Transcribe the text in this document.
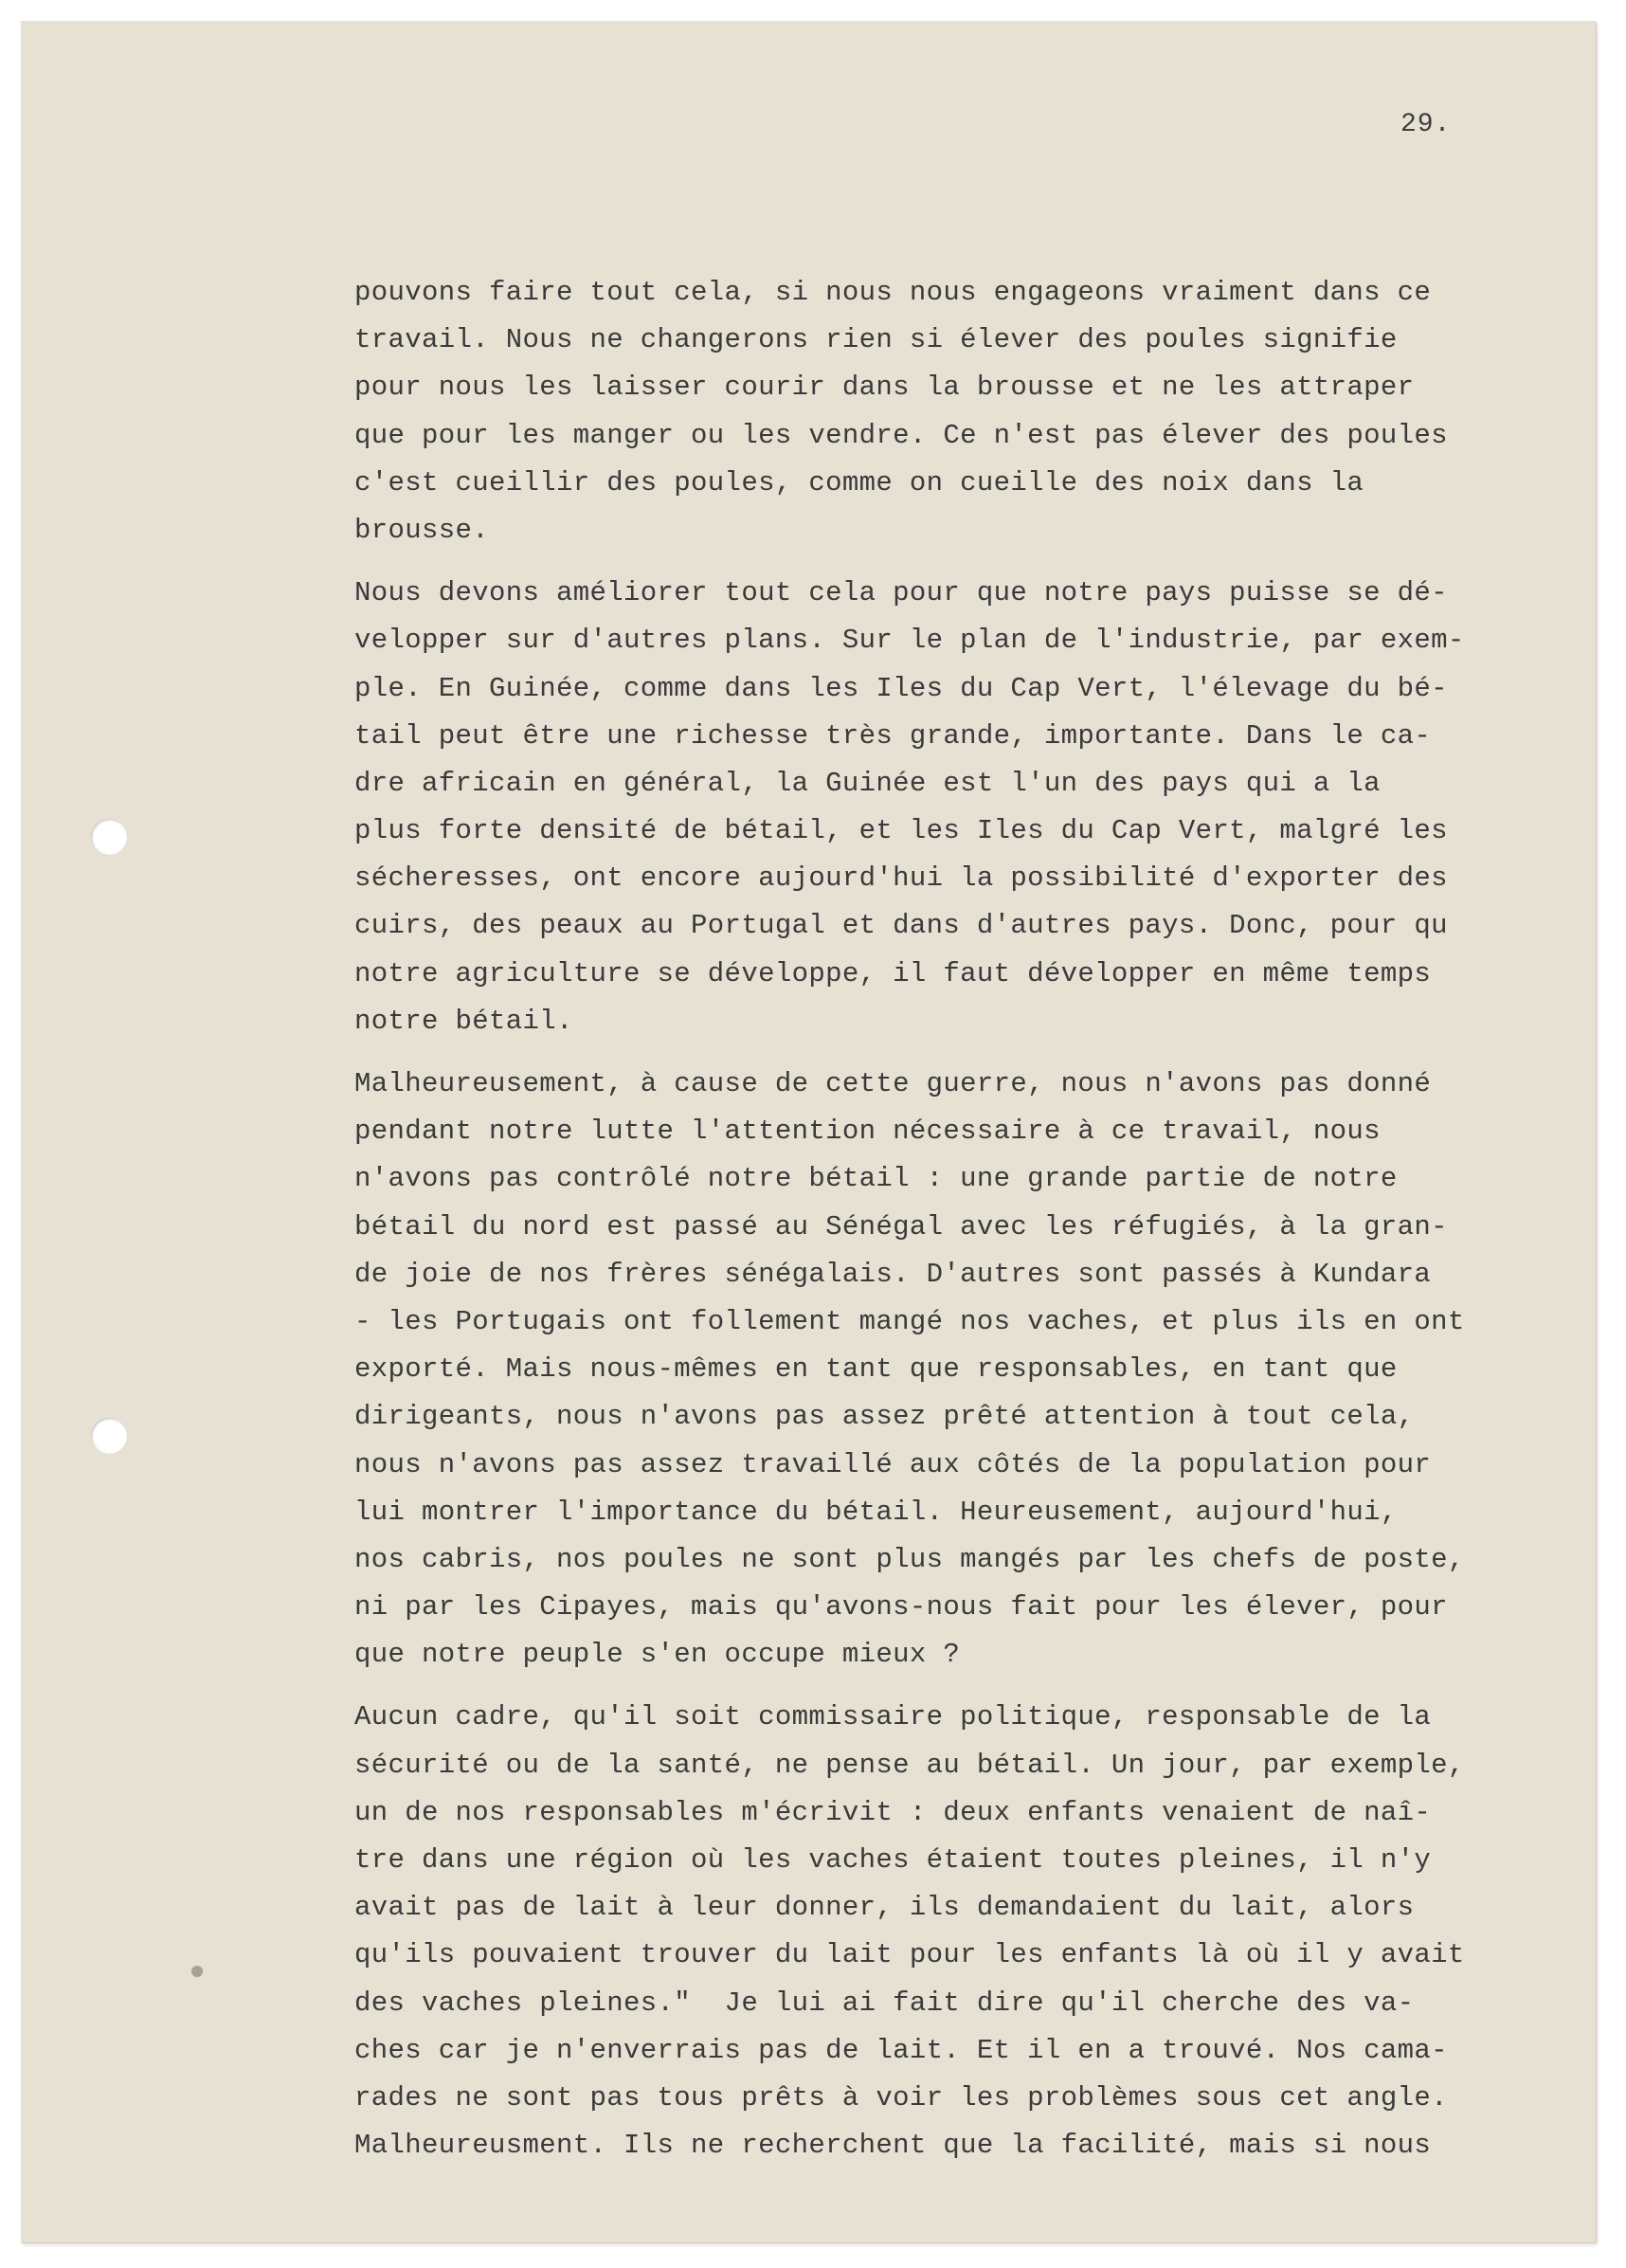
29.
pouvons faire tout cela, si nous nous engageons vraiment dans ce
travail. Nous ne changerons rien si élever des poules signifie
pour nous les laisser courir dans la brousse et ne les attraper
que pour les manger ou les vendre. Ce n'est pas élever des poules
c'est cueillir des poules, comme on cueille des noix dans la
brousse.
Nous devons améliorer tout cela pour que notre pays puisse se dé-
velopper sur d'autres plans. Sur le plan de l'industrie, par exem-
ple. En Guinée, comme dans les Iles du Cap Vert, l'élevage du bé-
tail peut être une richesse très grande, importante. Dans le ca-
dre africain en général, la Guinée est l'un des pays qui a la
plus forte densité de bétail, et les Iles du Cap Vert, malgré les
sécheresses, ont encore aujourd'hui la possibilité d'exporter des
cuirs, des peaux au Portugal et dans d'autres pays. Donc, pour qu
notre agriculture se développe, il faut développer en même temps
notre bétail.
Malheureusement, à cause de cette guerre, nous n'avons pas donné
pendant notre lutte l'attention nécessaire à ce travail, nous
n'avons pas contrôlé notre bétail : une grande partie de notre
bétail du nord est passé au Sénégal avec les réfugiés, à la gran-
de joie de nos frères sénégalais. D'autres sont passés à Kundara
- les Portugais ont follement mangé nos vaches, et plus ils en ont
exporté. Mais nous-mêmes en tant que responsables, en tant que
dirigeants, nous n'avons pas assez prêté attention à tout cela,
nous n'avons pas assez travaillé aux côtés de la population pour
lui montrer l'importance du bétail. Heureusement, aujourd'hui,
nos cabris, nos poules ne sont plus mangés par les chefs de poste,
ni par les Cipayes, mais qu'avons-nous fait pour les élever, pour
que notre peuple s'en occupe mieux ?
Aucun cadre, qu'il soit commissaire politique, responsable de la
sécurité ou de la santé, ne pense au bétail. Un jour, par exemple,
un de nos responsables m'écrivit : deux enfants venaient de naî-
tre dans une région où les vaches étaient toutes pleines, il n'y
avait pas de lait à leur donner, ils demandaient du lait, alors
qu'ils pouvaient trouver du lait pour les enfants là où il y avait
des vaches pleines."  Je lui ai fait dire qu'il cherche des va-
ches car je n'enverrais pas de lait. Et il en a trouvé. Nos cama-
rades ne sont pas tous prêts à voir les problèmes sous cet angle.
Malheureusment. Ils ne recherchent que la facilité, mais si nous
